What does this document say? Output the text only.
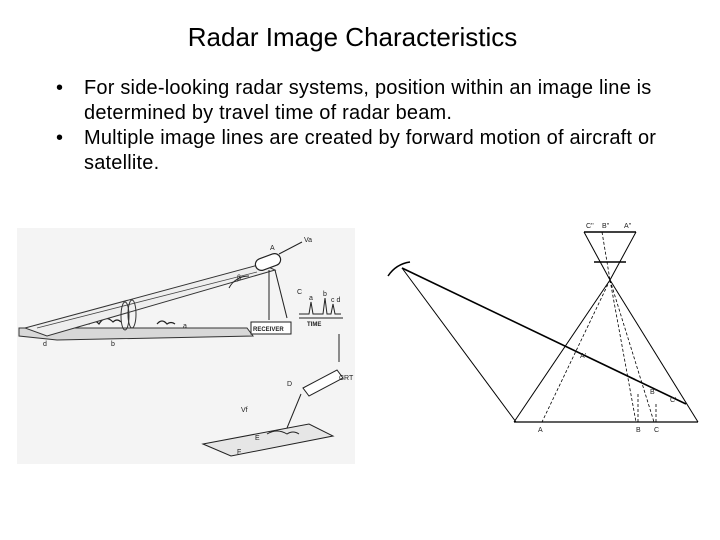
Radar Image Characteristics
• For side-looking radar systems, position within an image line is determined by travel time of radar beam.
• Multiple image lines are created by forward motion of aircraft or satellite.
A
Va
β
RECEIVER
C
a
b
c d
TIME
D
CRT
Vf
E
F
d	b
a
C'' B'' A''
A'
B'
C'
A	B C
